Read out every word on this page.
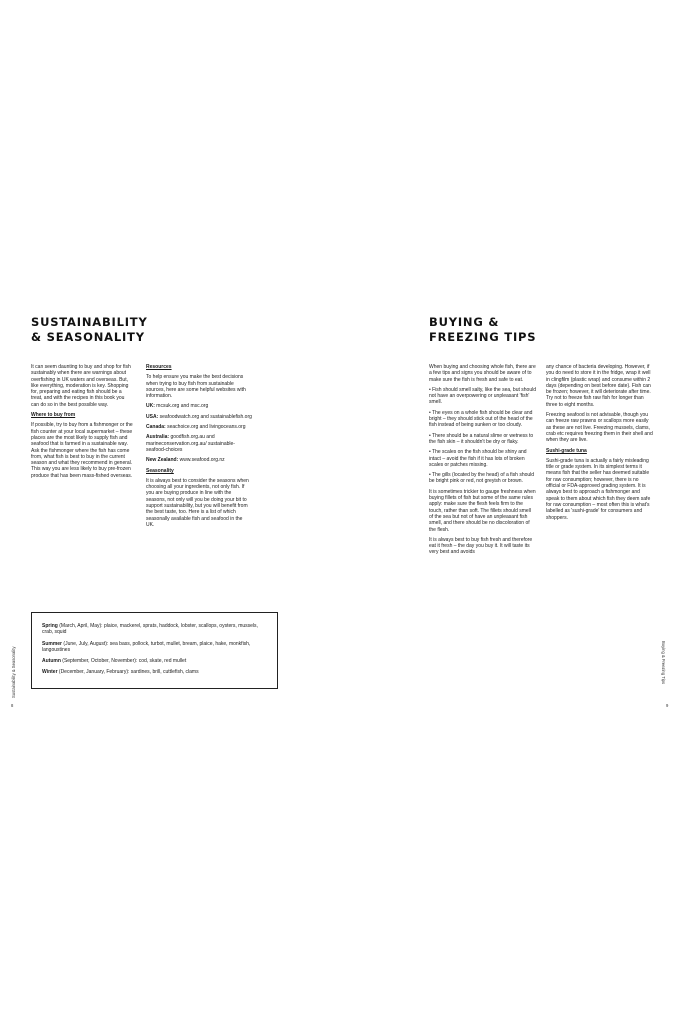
SUSTAINABILITY
& SEASONALITY

It can seem daunting to buy and shop for fish sustainably when there are warnings about overfishing in UK waters and overseas. But, like everything, moderation is key. Shopping for, preparing and eating fish should be a treat, and with the recipes in this book you can do so in the best possible way.

Where to buy from

If possible, try to buy from a fishmonger or the fish counter at your local supermarket – these places are the most likely to supply fish and seafood that is farmed in a sustainable way. Ask the fishmonger where the fish has come from, what fish is best to buy in the current season and what they recommend in general. This way you are less likely to buy pre-frozen produce that has been mass-fished overseas.

Resources

To help ensure you make the best decisions when trying to buy fish from sustainable sources, here are some helpful websites with information.

UK: mcsuk.org and msc.org

USA: seafoodwatch.org and sustainablefish.org

Canada: seachoice.org and livingoceans.org

Australia: goodfish.org.au and marineconservation.org.au/ sustainable-seafood-choices

New Zealand: www.seafood.org.nz

Seasonality

It is always best to consider the seasons when choosing all your ingredients, not only fish. If you are buying produce in line with the seasons, not only will you be doing your bit to support sustainability, but you will benefit from the best taste, too. Here is a list of which seasonally available fish and seafood in the UK.

Spring (March, April, May): plaice, mackerel, sprats, haddock, lobster, scallops, oysters, mussels, crab, squid

Summer (June, July, August): sea bass, pollock, turbot, mullet, bream, plaice, hake, monkfish, langoustines

Autumn (September, October, November): cod, skate, red mullet

Winter (December, January, February): sardines, brill, cuttlefish, clams

Sustainability & Seasonality
8
BUYING &
FREEZING TIPS

When buying and choosing whole fish, there are a few tips and signs you should be aware of to make sure the fish is fresh and safe to eat.

• Fish should smell salty, like the sea, but should not have an overpowering or unpleasant 'fish' smell.

• The eyes on a whole fish should be clear and bright – they should stick out of the head of the fish instead of being sunken or too cloudy.

• There should be a natural slime or wetness to the fish skin – it shouldn't be dry or flaky.

• The scales on the fish should be shiny and intact – avoid the fish if it has lots of broken scales or patches missing.

• The gills (located by the head) of a fish should be bright pink or red, not greyish or brown.

It is sometimes trickier to gauge freshness when buying fillets of fish but some of the same rules apply: make sure the flesh feels firm to the touch, rather than soft. The fillets should smell of the sea but not of have an unpleasant fish smell, and there should be no discoloration of the flesh.

It is always best to buy fish fresh and therefore eat it fresh – the day you buy it. It will taste its very best and avoids

any chance of bacteria developing. However, if you do need to store it in the fridge, wrap it well in clingfilm (plastic wrap) and consume within 2 days (depending on best before date). Fish can be frozen; however, it will deteriorate after time. Try not to freeze fish raw fish for longer than three to eight months.

Freezing seafood is not advisable, though you can freeze raw prawns or scallops more easily as these are not live. Freezing mussels, clams, crab etc requires freezing them in their shell and when they are live.

Sushi-grade tuna

Sushi-grade tuna is actually a fairly misleading title or grade system. In its simplest terms it means fish that the seller has deemed suitable for raw consumption; however, there is no official or FDA-approved grading system. It is always best to approach a fishmonger and speak to them about which fish they deem safe for raw consumption – most often this is what's labelled as 'sushi-grade' for consumers and shoppers.

Buying & Freezing Tips
9
